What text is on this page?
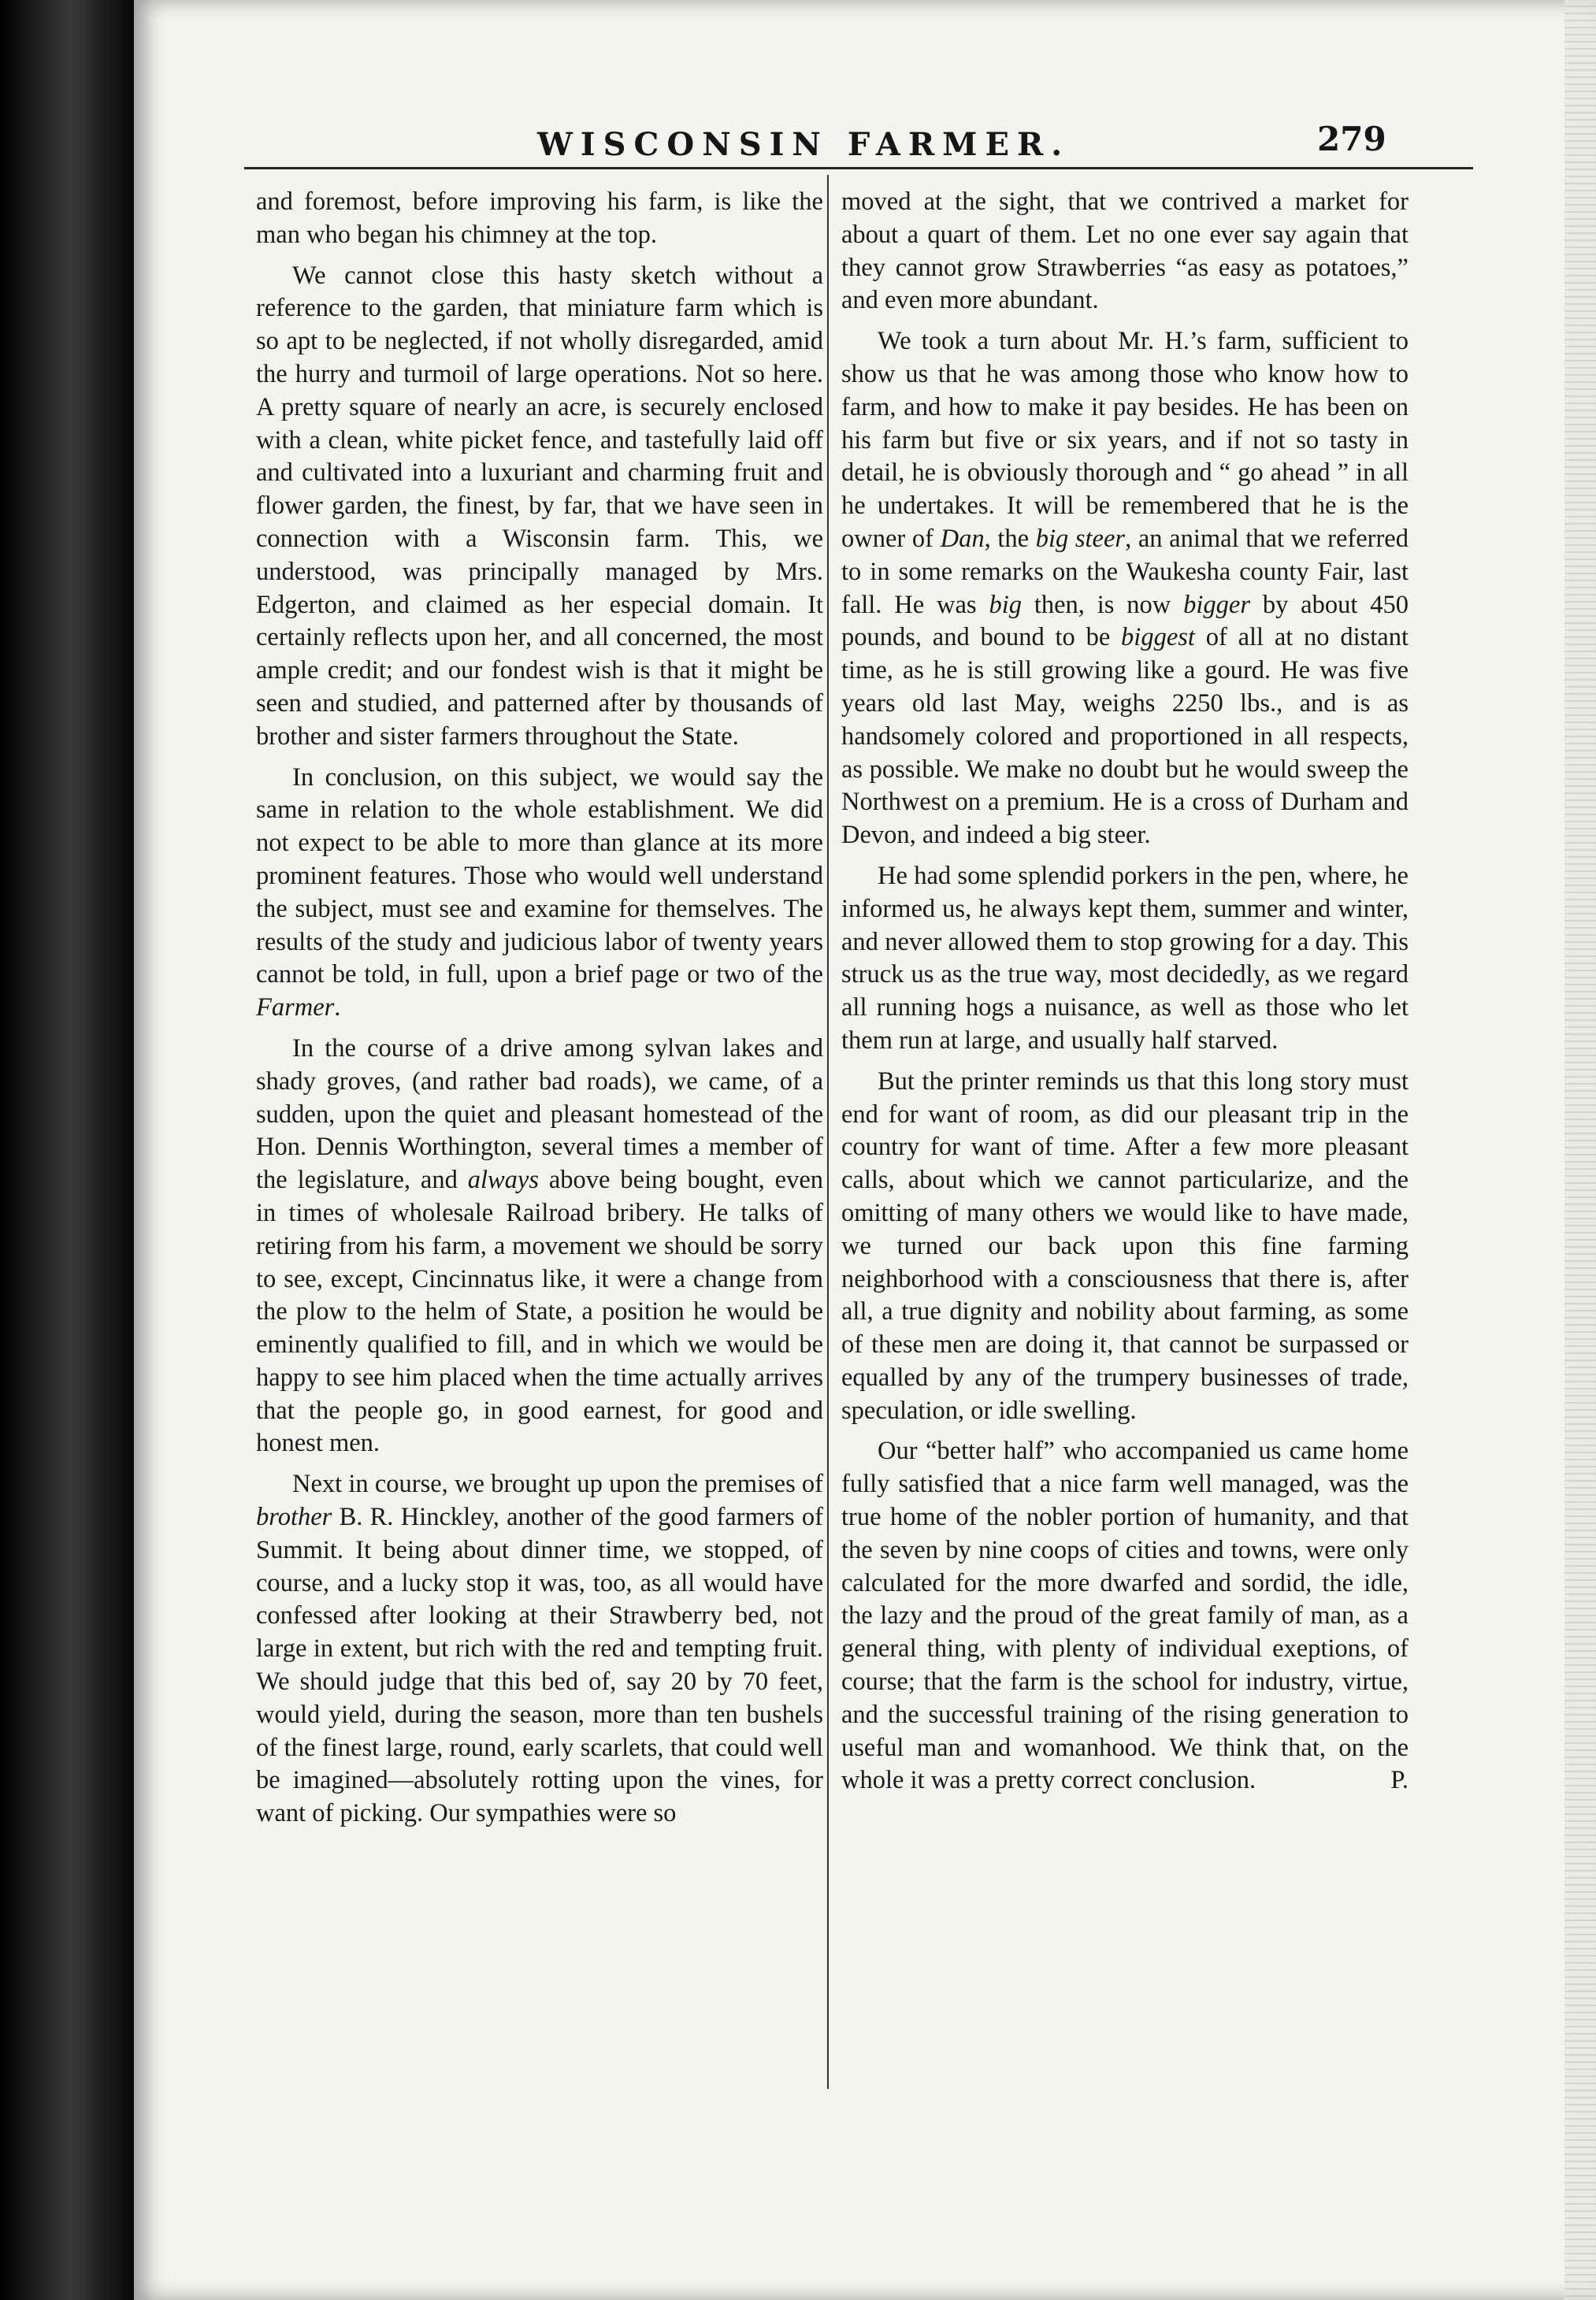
WISCONSIN FARMER.	279

and foremost, before improving his farm, is like the man who began his chimney at the top.

We cannot close this hasty sketch without a reference to the garden, that miniature farm which is so apt to be neglected, if not wholly disregarded, amid the hurry and turmoil of large operations. Not so here. A pretty square of nearly an acre, is securely enclosed with a clean, white picket fence, and tastefully laid off and cultivated into a luxuriant and charming fruit and flower garden, the finest, by far, that we have seen in connection with a Wisconsin farm. This, we understood, was principally managed by Mrs. Edgerton, and claimed as her especial domain. It certainly reflects upon her, and all concerned, the most ample credit; and our fondest wish is that it might be seen and studied, and patterned after by thousands of brother and sister farmers throughout the State.

In conclusion, on this subject, we would say the same in relation to the whole establishment. We did not expect to be able to more than glance at its more prominent features. Those who would well understand the subject, must see and examine for themselves. The results of the study and judicious labor of twenty years cannot be told, in full, upon a brief page or two of the Farmer.

In the course of a drive among sylvan lakes and shady groves, (and rather bad roads), we came, of a sudden, upon the quiet and pleasant homestead of the Hon. Dennis Worthington, several times a member of the legislature, and always above being bought, even in times of wholesale Railroad bribery. He talks of retiring from his farm, a movement we should be sorry to see, except, Cincinnatus like, it were a change from the plow to the helm of State, a position he would be eminently qualified to fill, and in which we would be happy to see him placed when the time actually arrives that the people go, in good earnest, for good and honest men.

Next in course, we brought up upon the premises of brother B. R. Hinckley, another of the good farmers of Summit. It being about dinner time, we stopped, of course, and a lucky stop it was, too, as all would have confessed after looking at their Strawberry bed, not large in extent, but rich with the red and tempting fruit. We should judge that this bed of, say 20 by 70 feet, would yield, during the season, more than ten bushels of the finest large, round, early scarlets, that could well be imagined—absolutely rotting upon the vines, for want of picking. Our sympathies were so

moved at the sight, that we contrived a market for about a quart of them. Let no one ever say again that they cannot grow Strawberries “as easy as potatoes,” and even more abundant.

We took a turn about Mr. H.’s farm, sufficient to show us that he was among those who know how to farm, and how to make it pay besides. He has been on his farm but five or six years, and if not so tasty in detail, he is obviously thorough and “ go ahead ” in all he undertakes. It will be remembered that he is the owner of Dan, the big steer, an animal that we referred to in some remarks on the Waukesha county Fair, last fall. He was big then, is now bigger by about 450 pounds, and bound to be biggest of all at no distant time, as he is still growing like a gourd. He was five years old last May, weighs 2250 lbs., and is as handsomely colored and proportioned in all respects, as possible. We make no doubt but he would sweep the Northwest on a premium. He is a cross of Durham and Devon, and indeed a big steer.

He had some splendid porkers in the pen, where, he informed us, he always kept them, summer and winter, and never allowed them to stop growing for a day. This struck us as the true way, most decidedly, as we regard all running hogs a nuisance, as well as those who let them run at large, and usually half starved.

But the printer reminds us that this long story must end for want of room, as did our pleasant trip in the country for want of time. After a few more pleasant calls, about which we cannot particularize, and the omitting of many others we would like to have made, we turned our back upon this fine farming neighborhood with a consciousness that there is, after all, a true dignity and nobility about farming, as some of these men are doing it, that cannot be surpassed or equalled by any of the trumpery businesses of trade, speculation, or idle swelling.

Our “better half” who accompanied us came home fully satisfied that a nice farm well managed, was the true home of the nobler portion of humanity, and that the seven by nine coops of cities and towns, were only calculated for the more dwarfed and sordid, the idle, the lazy and the proud of the great family of man, as a general thing, with plenty of individual exeptions, of course; that the farm is the school for industry, virtue, and the successful training of the rising generation to useful man and womanhood. We think that, on the whole it was a pretty correct conclusion.	P.
